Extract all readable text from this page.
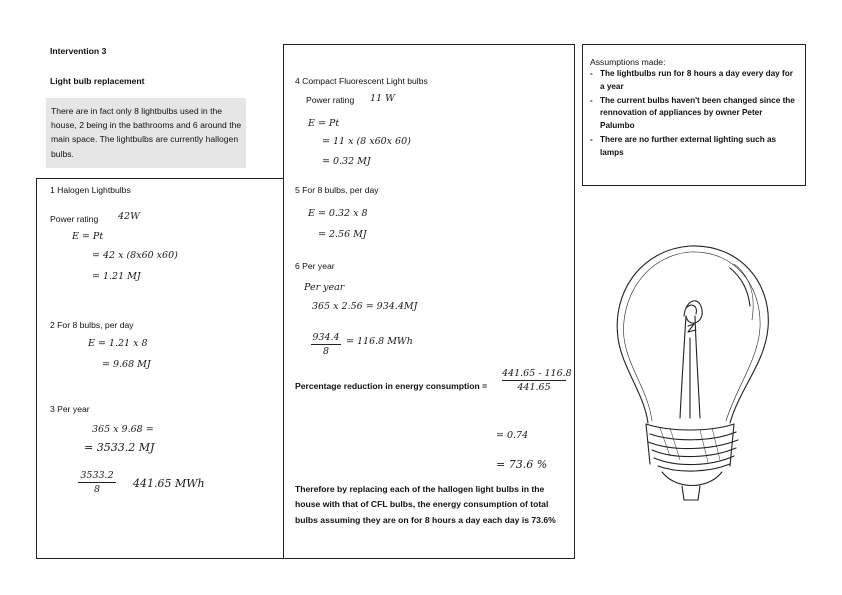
Intervention 3
Light bulb replacement
There are in fact only 8 lightbulbs used in the house, 2 being in the bathrooms and 6 around the main space. The lightbulbs are currently hallogen bulbs.
1 Halogen Lightbulbs
Power rating 42W
E = Pt
= 42 x (8x60 x60)
= 1.21 MJ
2 For 8 bulbs, per day
E = 1.21 x 8
= 9.68 MJ
3 Per year
365 x 9.68 =
= 3533.2 MJ
3533.2
8	441.65 MWh
4 Compact Fluorescent Light bulbs
Power rating 11 W
E = Pt
= 11 x (8 x60x 60)
= 0.32 MJ
5 For 8 bulbs, per day
E = 0.32 x 8
= 2.56 MJ
6 Per year
Per year
365 x 2.56 = 934.4MJ
934.4
8
= 116.8 MWh
Percentage reduction in energy consumption =
441.65 - 116.8
441.65
= 0.74
= 73.6 %
Therefore by replacing each of the hallogen light bulbs in the house with that of CFL bulbs, the energy consumption of total bulbs assuming they are on for 8 hours a day each day is 73.6%
Assumptions made:
- The lightbulbs run for 8 hours a day every day for a year
- The current bulbs haven't been changed since the rennovation of appliances by owner Peter Palumbo
- There are no further external lighting such as lamps
